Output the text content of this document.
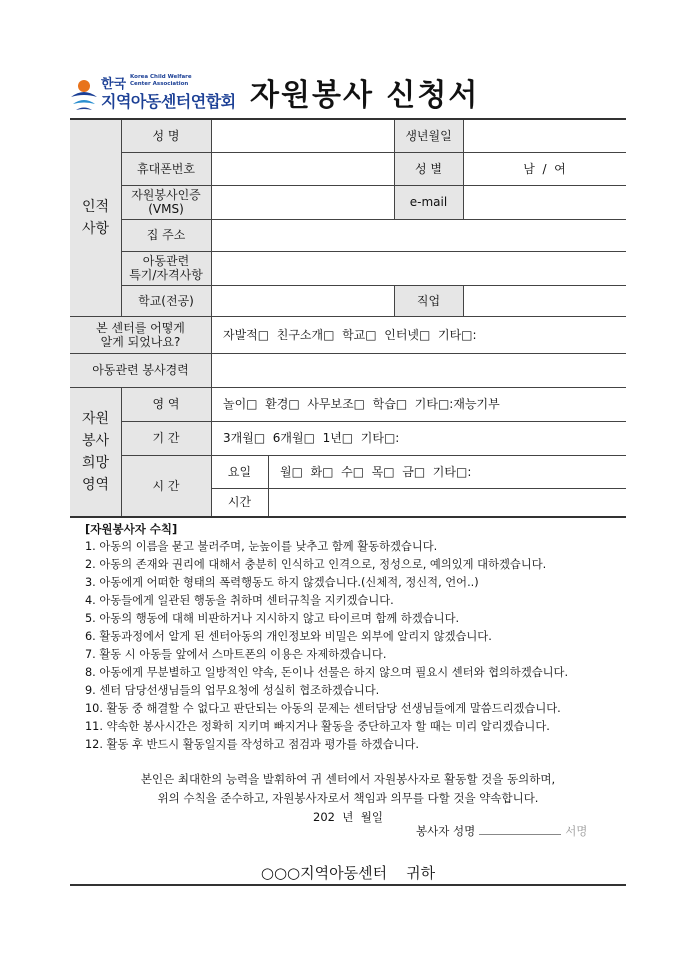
한국 Korea Child Welfare
Center Association
지역아동센터연합회 자원봉사 신청서
인적
사항
성 명
휴대폰번호
자원봉사인증
(VMS)
집 주소
아동관련
특기/자격사항
학교(전공)
생년월일
성 별
e-mail
직업
본 센터를 어떻게
알게 되었나요?
아동관련 봉사경력
자원
봉사
희망
영역
영 역
기 간
시 간
남  /  여
자발적□  친구소개□  학교□  인터넷□  기타□:
놀이□  환경□  사무보조□  학습□  기타□:재능기부
3개월□  6개월□  1년□  기타□:
요일	월□  화□  수□  목□  금□  기타□:
시간
[자원봉사자 수칙]
1. 아동의 이름을 묻고 불러주며, 눈높이를 낮추고 함께 활동하겠습니다.
2. 아동의 존재와 권리에 대해서 충분히 인식하고 인격으로, 정성으로, 예의있게 대하겠습니다.
3. 아동에게 어떠한 형태의 폭력행동도 하지 않겠습니다.(신체적, 정신적, 언어..)
4. 아동들에게 일관된 행동을 취하며 센터규칙을 지키겠습니다.
5. 아동의 행동에 대해 비판하거나 지시하지 않고 타이르며 함께 하겠습니다.
6. 활동과정에서 알게 된 센터아동의 개인정보와 비밀은 외부에 알리지 않겠습니다.
7. 활동 시 아동들 앞에서 스마트폰의 이용은 자제하겠습니다.
8. 아동에게 무분별하고 일방적인 약속, 돈이나 선물은 하지 않으며 필요시 센터와 협의하겠습니다.
9. 센터 담당선생님들의 업무요청에 성실히 협조하겠습니다.
10. 활동 중 해결할 수 없다고 판단되는 아동의 문제는 센터담당 선생님들에게 말씀드리겠습니다.
11. 약속한 봉사시간은 정확히 지키며 빠지거나 활동을 중단하고자 할 때는 미리 알리겠습니다.
12. 활동 후 반드시 활동일지를 작성하고 점검과 평가를 하겠습니다.
본인은 최대한의 능력을 발휘하여 귀 센터에서 자원봉사자로 활동할 것을 동의하며,
위의 수칙을 준수하고, 자원봉사자로서 책임과 의무를 다할 것을 약속합니다.
202  년  월일
봉사자 성명	서명
○○○지역아동센터    귀하
